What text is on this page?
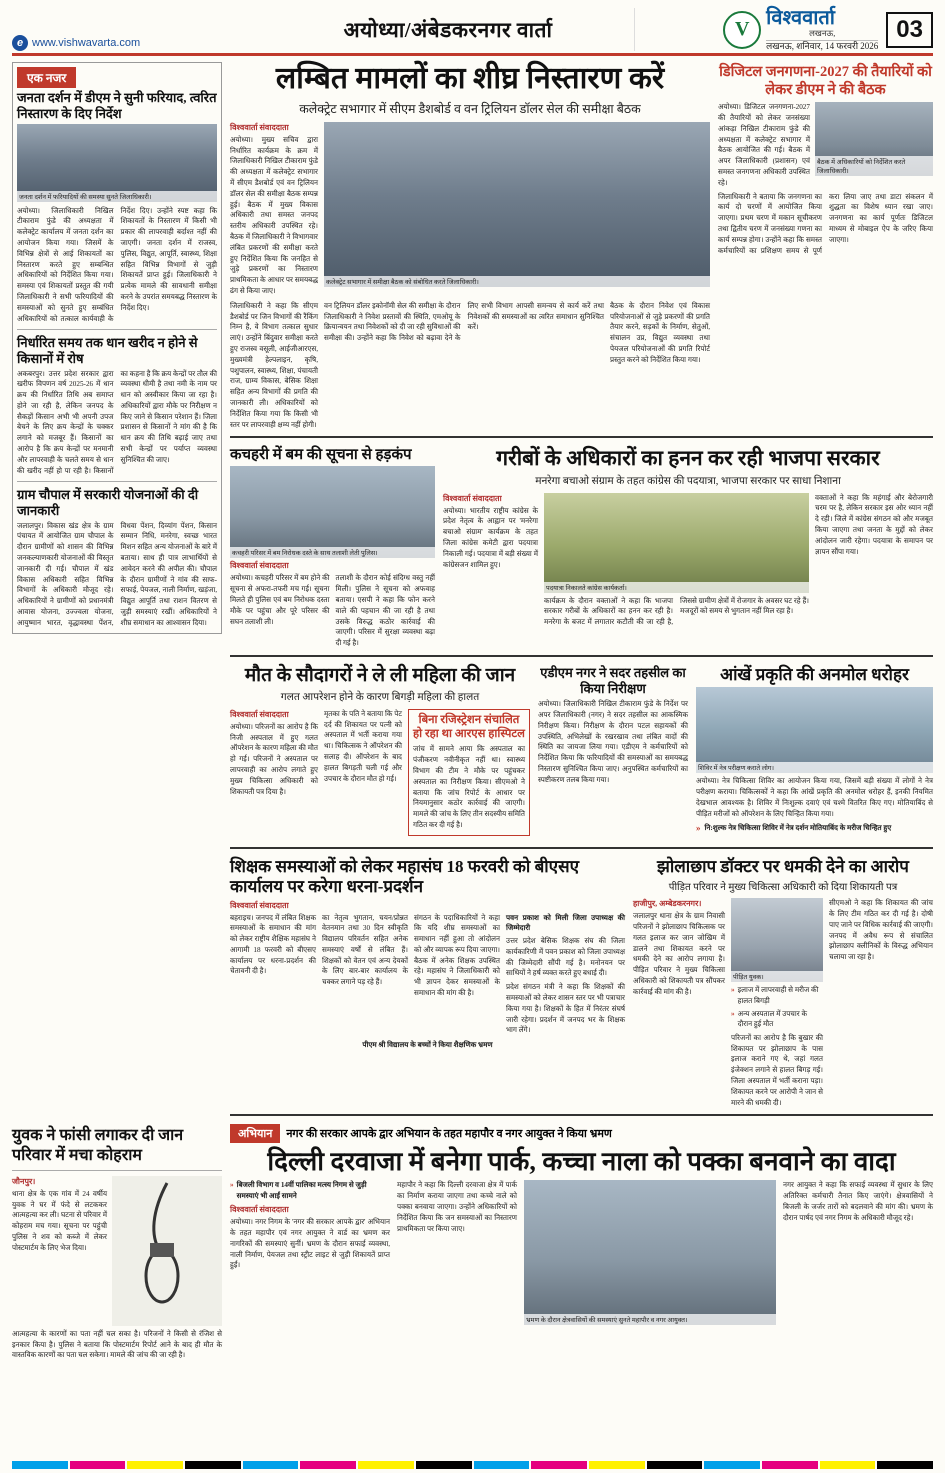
e www.vishwavarta.com
अयोध्या/अंबेडकरनगर वार्ता	V
विश्ववार्ता
लखनऊ,
लखनऊ, शनिवार, 14 फरवरी 2026
03
एक नजर
जनता दर्शन में डीएम ने सुनी फरियाद, त्वरित निस्तारण के दिए निर्देश
जनता दर्शन में फरियादियों की समस्या सुनते जिलाधिकारी।
अयोध्या। जिलाधिकारी निखिल टीकाराम फुंडे की अध्यक्षता में कलेक्ट्रेट कार्यालय में जनता दर्शन का आयोजन किया गया। जिसमें के विभिन्न क्षेत्रों से आई शिकायतों का निस्तारण करते हुए सम्बन्धित अधिकारियों को निर्देशित किया गया। समस्या एवं शिकायतों प्रस्तुत की गयी जिलाधिकारी ने सभी फरियादियों की समस्याओं को सुनते हुए सम्बंधित अधिकारियों को तत्काल कार्यवाही के निर्देश दिए। उन्होंने स्पष्ट कहा कि शिकायतों के निस्तारण में किसी भी प्रकार की लापरवाही बर्दाश्त नहीं की जाएगी। जनता दर्शन में राजस्व, पुलिस, विद्युत, आपूर्ति, स्वास्थ्य, शिक्षा सहित विभिन्न विभागों से जुड़ी शिकायतें प्राप्त हुई। जिलाधिकारी ने प्रत्येक मामले की सावधानी समीक्षा करने के उपरांत समयबद्ध निस्तारण के निर्देश दिए।
निर्धारित समय तक धान खरीद न होने से किसानों में रोष
अकबरपुर। उत्तर प्रदेश सरकार द्वारा खरीफ विपणन वर्ष 2025-26 में धान क्रय की निर्धारित तिथि अब समाप्त होने जा रही है, लेकिन जनपद के सैकड़ों किसान अभी भी अपनी उपज बेचने के लिए क्रय केन्द्रों के चक्कर लगाने को मजबूर हैं। किसानों का आरोप है कि क्रय केन्द्रों पर मनमानी और लापरवाही के चलते समय से धान की खरीद नहीं हो पा रही है। किसानों का कहना है कि क्रय केन्द्रों पर तौल की व्यवस्था धीमी है तथा नमी के नाम पर धान को अस्वीकार किया जा रहा है। अधिकारियों द्वारा मौके पर निरीक्षण न किए जाने से किसान परेशान हैं। जिला प्रशासन से किसानों ने मांग की है कि धान क्रय की तिथि बढ़ाई जाए तथा सभी केन्द्रों पर पर्याप्त व्यवस्था सुनिश्चित की जाए।
ग्राम चौपाल में सरकारी योजनाओं की दी जानकारी
जलालपुर। विकास खंड क्षेत्र के ग्राम पंचायत में आयोजित ग्राम चौपाल के दौरान ग्रामीणों को शासन की विभिन्न जनकल्याणकारी योजनाओं की विस्तृत जानकारी दी गई। चौपाल में खंड विकास अधिकारी सहित विभिन्न विभागों के अधिकारी मौजूद रहे। अधिकारियों ने ग्रामीणों को प्रधानमंत्री आवास योजना, उज्ज्वला योजना, आयुष्मान भारत, वृद्धावस्था पेंशन, विधवा पेंशन, दिव्यांग पेंशन, किसान सम्मान निधि, मनरेगा, स्वच्छ भारत मिशन सहित अन्य योजनाओं के बारे में बताया। साथ ही पात्र लाभार्थियों से आवेदन करने की अपील की। चौपाल के दौरान ग्रामीणों ने गांव की साफ-सफाई, पेयजल, नाली निर्माण, खड़ंजा, विद्युत आपूर्ति तथा राशन वितरण से जुड़ी समस्याएं रखीं। अधिकारियों ने शीघ्र समाधान का आश्वासन दिया।
लम्बित मामलों का शीघ्र निस्तारण करें
कलेक्ट्रेट सभागार में सीएम डैशबोर्ड व वन ट्रिलियन डॉलर सेल की समीक्षा बैठक
विश्ववार्ता संवाददाता
अयोध्या। मुख्य सचिव द्वारा निर्धारित कार्यक्रम के क्रम में जिलाधिकारी निखिल टीकाराम फुंडे की अध्यक्षता में कलेक्ट्रेट सभागार में सीएम डैशबोर्ड एवं वन ट्रिलियन डॉलर सेल की समीक्षा बैठक सम्पन्न हुई। बैठक में मुख्य विकास अधिकारी तथा समस्त जनपद स्तरीय अधिकारी उपस्थित रहे। बैठक में जिलाधिकारी ने विभागवार लंबित प्रकरणों की समीक्षा करते हुए निर्देशित किया कि जनहित से जुड़े प्रकरणों का निस्तारण प्राथमिकता के आधार पर समयबद्ध ढंग से किया जाए।
कलेक्ट्रेट सभागार में समीक्षा बैठक को संबोधित करते जिलाधिकारी।
जिलाधिकारी ने कहा कि सीएम डैशबोर्ड पर जिन विभागों की रैंकिंग निम्न है, वे विभाग तत्काल सुधार लाएं। उन्होंने बिंदुवार समीक्षा करते हुए राजस्व वसूली, आईजीआरएस, मुख्यमंत्री हेल्पलाइन, कृषि, पशुपालन, स्वास्थ्य, शिक्षा, पंचायती राज, ग्राम्य विकास, बेसिक शिक्षा सहित अन्य विभागों की प्रगति की जानकारी ली। अधिकारियों को निर्देशित किया गया कि किसी भी स्तर पर लापरवाही क्षम्य नहीं होगी।
वन ट्रिलियन डॉलर इकोनॉमी सेल की समीक्षा के दौरान जिलाधिकारी ने निवेश प्रस्तावों की स्थिति, एमओयू के क्रियान्वयन तथा निवेशकों को दी जा रही सुविधाओं की समीक्षा की। उन्होंने कहा कि निवेश को बढ़ावा देने के लिए सभी विभाग आपसी समन्वय से कार्य करें तथा निवेशकों की समस्याओं का त्वरित समाधान सुनिश्चित करें।
बैठक के दौरान निवेश एवं विकास परियोजनाओं से जुड़े प्रकरणों की प्रगति तैयार करने, सड़कों के निर्माण, सेतुओं, संचालन उप्र, विद्युत व्यवस्था तथा पेयजल परियोजनाओं की प्रगति रिपोर्ट प्रस्तुत करने को निर्देशित किया गया।
डिजिटल जनगणना-2027 की तैयारियों को लेकर डीएम ने की बैठक
अयोध्या। डिजिटल जनगणना-2027 की तैयारियों को लेकर जनसंख्या आंकड़ा निखिल टीकाराम फुंडे की अध्यक्षता में कलेक्ट्रेट सभागार में बैठक आयोजित की गई। बैठक में अपर जिलाधिकारी (प्रशासन) एवं समस्त जनगणना अधिकारी उपस्थित रहे।
बैठक में अधिकारियों को निर्देशित करते जिलाधिकारी।
जिलाधिकारी ने बताया कि जनगणना का कार्य दो चरणों में आयोजित किया जाएगा। प्रथम चरण में मकान सूचीकरण तथा द्वितीय चरण में जनसंख्या गणना का कार्य सम्पन्न होगा। उन्होंने कहा कि समस्त कर्मचारियों का प्रशिक्षण समय से पूर्ण करा लिया जाए तथा डाटा संकलन में शुद्धता का विशेष ध्यान रखा जाए। जनगणना का कार्य पूर्णतः डिजिटल माध्यम से मोबाइल ऐप के जरिए किया जाएगा।
कचहरी में बम की सूचना से हड़कंप
कचहरी परिसर में बम निरोधक दस्ते के साथ तलाशी लेती पुलिस।
विश्ववार्ता संवाददाता
अयोध्या। कचहरी परिसर में बम होने की सूचना से अफरा-तफरी मच गई। सूचना मिलते ही पुलिस एवं बम निरोधक दस्ता मौके पर पहुंचा और पूरे परिसर की सघन तलाशी ली।
तलाशी के दौरान कोई संदिग्ध वस्तु नहीं मिली। पुलिस ने सूचना को अफवाह बताया। एसपी ने कहा कि फोन करने वाले की पहचान की जा रही है तथा उसके विरुद्ध कठोर कार्रवाई की जाएगी। परिसर में सुरक्षा व्यवस्था बढ़ा दी गई है।
गरीबों के अधिकारों का हनन कर रही भाजपा सरकार
मनरेगा बचाओ संग्राम के तहत कांग्रेस की पदयात्रा, भाजपा सरकार पर साधा निशाना
विश्ववार्ता संवाददाता
अयोध्या। भारतीय राष्ट्रीय कांग्रेस के प्रदेश नेतृत्व के आह्वान पर 'मनरेगा बचाओ संग्राम' कार्यक्रम के तहत जिला कांग्रेस कमेटी द्वारा पदयात्रा निकाली गई। पदयात्रा में बड़ी संख्या में कांग्रेसजन शामिल हुए।
पदयात्रा निकालते कांग्रेस कार्यकर्ता।
कार्यक्रम के दौरान वक्ताओं ने कहा कि भाजपा सरकार गरीबों के अधिकारों का हनन कर रही है। मनरेगा के बजट में लगातार कटौती की जा रही है, जिससे ग्रामीण क्षेत्रों में रोजगार के अवसर घट रहे हैं। मजदूरों को समय से भुगतान नहीं मिल रहा है।
वक्ताओं ने कहा कि महंगाई और बेरोजगारी चरम पर है, लेकिन सरकार इस ओर ध्यान नहीं दे रही। जिले में कांग्रेस संगठन को और मजबूत किया जाएगा तथा जनता के मुद्दों को लेकर आंदोलन जारी रहेगा। पदयात्रा के समापन पर ज्ञापन सौंपा गया।
मौत के सौदागरों ने ले ली महिला की जान
गलत आपरेशन होने के कारण बिगड़ी महिला की हालत
विश्ववार्ता संवाददाता
अयोध्या। परिजनों का आरोप है कि निजी अस्पताल में हुए गलत ऑपरेशन के कारण महिला की मौत हो गई। परिजनों ने अस्पताल पर लापरवाही का आरोप लगाते हुए मुख्य चिकित्सा अधिकारी को शिकायती पत्र दिया है।
मृतका के पति ने बताया कि पेट दर्द की शिकायत पर पत्नी को अस्पताल में भर्ती कराया गया था। चिकित्सक ने ऑपरेशन की सलाह दी। ऑपरेशन के बाद हालत बिगड़ती चली गई और उपचार के दौरान मौत हो गई।
बिना रजिस्ट्रेशन संचालित हो रहा था आरएस हास्पिटल
जांच में सामने आया कि अस्पताल का पंजीकरण नवीनीकृत नहीं था। स्वास्थ्य विभाग की टीम ने मौके पर पहुंचकर अस्पताल का निरीक्षण किया। सीएमओ ने बताया कि जांच रिपोर्ट के आधार पर नियमानुसार कठोर कार्रवाई की जाएगी। मामले की जांच के लिए तीन सदस्यीय समिति गठित कर दी गई है।
एडीएम नगर ने सदर तहसील का किया निरीक्षण
अयोध्या। जिलाधिकारी निखिल टीकाराम फुंडे के निर्देश पर अपर जिलाधिकारी (नगर) ने सदर तहसील का आकस्मिक निरीक्षण किया। निरीक्षण के दौरान पटल सहायकों की उपस्थिति, अभिलेखों के रखरखाव तथा लंबित वादों की स्थिति का जायजा लिया गया। एडीएम ने कर्मचारियों को निर्देशित किया कि फरियादियों की समस्याओं का समयबद्ध निस्तारण सुनिश्चित किया जाए। अनुपस्थित कर्मचारियों का स्पष्टीकरण तलब किया गया।
आंखें प्रकृति की अनमोल धरोहर
शिविर में नेत्र परीक्षण कराते लोग।
अयोध्या। नेत्र चिकित्सा शिविर का आयोजन किया गया, जिसमें बड़ी संख्या में लोगों ने नेत्र परीक्षण कराया। चिकित्सकों ने कहा कि आंखें प्रकृति की अनमोल धरोहर हैं, इनकी नियमित देखभाल आवश्यक है। शिविर में निःशुल्क दवाएं एवं चश्मे वितरित किए गए। मोतियाबिंद से पीड़ित मरीजों को ऑपरेशन के लिए चिन्हित किया गया।
» नि:शुल्क नेत्र चिकित्सा शिविर में नेत्र दर्शन मोतियाबिंद के मरीज चिन्हित हुए
शिक्षक समस्याओं को लेकर महासंघ 18 फरवरी को बीएसए कार्यालय पर करेगा धरना-प्रदर्शन
विश्ववार्ता संवाददाता
बहराइच। जनपद में लंबित शिक्षक समस्याओं के समाधान की मांग को लेकर राष्ट्रीय शैक्षिक महासंघ ने आगामी 18 फरवरी को बीएसए कार्यालय पर धरना-प्रदर्शन की चेतावनी दी है।
का नेतृत्व भुगतान, चयन/प्रोन्नत वेतनमान तथा 30 दिन स्वीकृति विद्यालय परिवर्तन सहित अनेक समस्याएं वर्षों से लंबित हैं। शिक्षकों को वेतन एवं अन्य देयकों के लिए बार-बार कार्यालय के चक्कर लगाने पड़ रहे हैं।
संगठन के पदाधिकारियों ने कहा कि यदि शीघ्र समस्याओं का समाधान नहीं हुआ तो आंदोलन को और व्यापक रूप दिया जाएगा। बैठक में अनेक शिक्षक उपस्थित रहे। महासंघ ने जिलाधिकारी को भी ज्ञापन देकर समस्याओं के समाधान की मांग की है।
पवन प्रकाश को मिली जिला उपाध्यक्ष की जिम्मेदारी
उत्तर प्रदेश बेसिक शिक्षक संघ की जिला कार्यकारिणी में पवन प्रकाश को जिला उपाध्यक्ष की जिम्मेदारी सौंपी गई है। मनोनयन पर साथियों ने हर्ष व्यक्त करते हुए बधाई दी।
प्रदेश संगठन मंत्री ने कहा कि शिक्षकों की समस्याओं को लेकर शासन स्तर पर भी पत्राचार किया गया है। शिक्षकों के हित में निरंतर संघर्ष जारी रहेगा। प्रदर्शन में जनपद भर के शिक्षक भाग लेंगे।
पीएम श्री विद्यालय के बच्चों ने किया शैक्षणिक भ्रमण
झोलाछाप डॉक्टर पर धमकी देने का आरोप
पीड़ित परिवार ने मुख्य चिकित्सा अधिकारी को दिया शिकायती पत्र
हाजीपुर, अम्बेडकरनगर।
जलालपुर थाना क्षेत्र के ग्राम निवासी परिजनों ने झोलाछाप चिकित्सक पर गलत इलाज कर जान जोखिम में डालने तथा शिकायत करने पर धमकी देने का आरोप लगाया है। पीड़ित परिवार ने मुख्य चिकित्सा अधिकारी को शिकायती पत्र सौंपकर कार्रवाई की मांग की है।
पीड़ित युवक।
» इलाज में लापरवाही से मरीज की हालत बिगड़ी
» अन्य अस्पताल में उपचार के दौरान हुई मौत
परिजनों का आरोप है कि बुखार की शिकायत पर झोलाछाप के पास इलाज कराने गए थे, जहां गलत इंजेक्शन लगाने से हालत बिगड़ गई। जिला अस्पताल में भर्ती कराना पड़ा। शिकायत करने पर आरोपी ने जान से मारने की धमकी दी।
सीएमओ ने कहा कि शिकायत की जांच के लिए टीम गठित कर दी गई है। दोषी पाए जाने पर विधिक कार्रवाई की जाएगी। जनपद में अवैध रूप से संचालित झोलाछाप क्लीनिकों के विरुद्ध अभियान चलाया जा रहा है।
युवक ने फांसी लगाकर दी जान परिवार में मचा कोहराम
जौनपुर।
थाना क्षेत्र के एक गांव में 24 वर्षीय युवक ने घर में फंदे से लटककर आत्महत्या कर ली। घटना से परिवार में कोहराम मच गया। सूचना पर पहुंची पुलिस ने शव को कब्जे में लेकर पोस्टमार्टम के लिए भेज दिया।
आत्महत्या के कारणों का पता नहीं चल सका है। परिजनों ने किसी से रंजिश से इनकार किया है। पुलिस ने बताया कि पोस्टमार्टम रिपोर्ट आने के बाद ही मौत के वास्तविक कारणों का पता चल सकेगा। मामले की जांच की जा रही है।
अभियान	नगर की सरकार आपके द्वार अभियान के तहत महापौर व नगर आयुक्त ने किया भ्रमण
दिल्ली दरवाजा में बनेगा पार्क, कच्चा नाला को पक्का बनवाने का वादा
» बिजली विभाग व 14वीं पालिका मत्स्य निगम से जुड़ी समस्याएं भी आईं सामने
विश्ववार्ता संवाददाता
अयोध्या। नगर निगम के 'नगर की सरकार आपके द्वार' अभियान के तहत महापौर एवं नगर आयुक्त ने वार्ड का भ्रमण कर नागरिकों की समस्याएं सुनीं। भ्रमण के दौरान सफाई व्यवस्था, नाली निर्माण, पेयजल तथा स्ट्रीट लाइट से जुड़ी शिकायतें प्राप्त हुईं।
महापौर ने कहा कि दिल्ली दरवाजा क्षेत्र में पार्क का निर्माण कराया जाएगा तथा कच्चे नाले को पक्का बनवाया जाएगा। उन्होंने अधिकारियों को निर्देशित किया कि जन समस्याओं का निस्तारण प्राथमिकता पर किया जाए।
भ्रमण के दौरान क्षेत्रवासियों की समस्याएं सुनते महापौर व नगर आयुक्त।
नगर आयुक्त ने कहा कि सफाई व्यवस्था में सुधार के लिए अतिरिक्त कर्मचारी तैनात किए जाएंगे। क्षेत्रवासियों ने बिजली के जर्जर तारों को बदलवाने की मांग की। भ्रमण के दौरान पार्षद एवं नगर निगम के अधिकारी मौजूद रहे।
